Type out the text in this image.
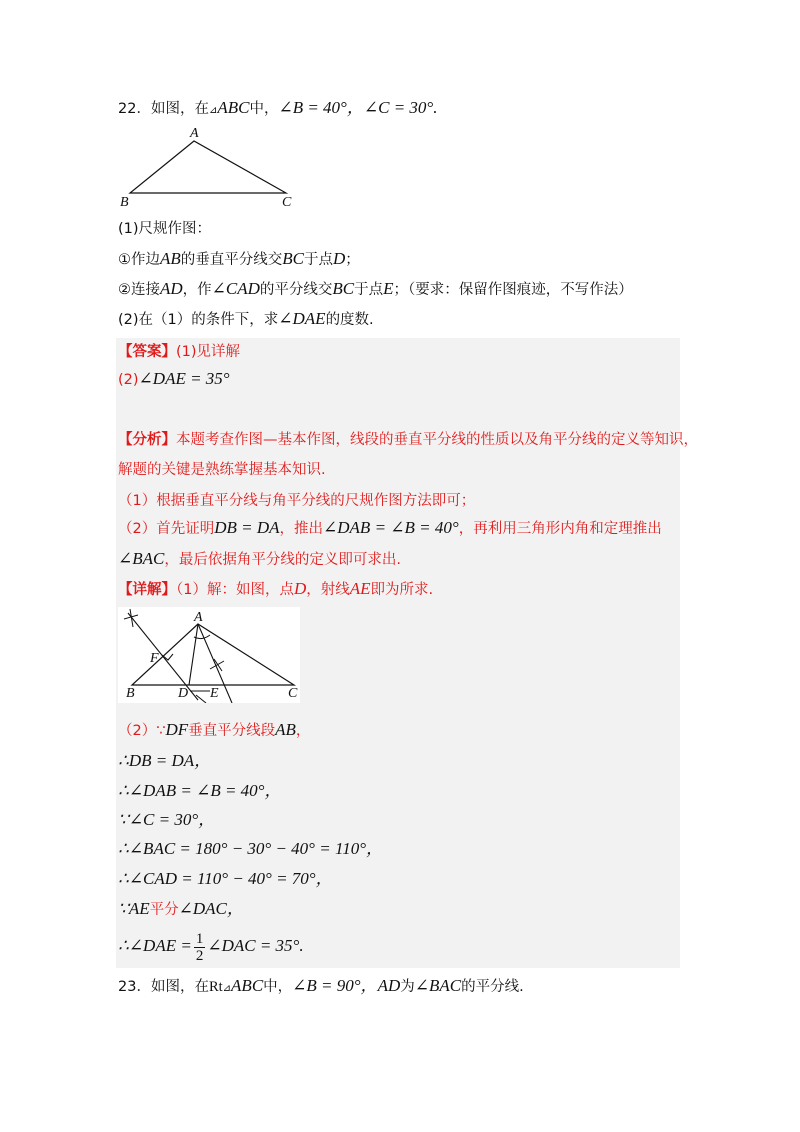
22．如图，在⊿ABC中，∠B = 40°，∠C = 30°.
A
B	C
(1)尺规作图：
①作边AB的垂直平分线交BC于点D；
②连接AD，作∠CAD的平分线交BC于点E；（要求：保留作图痕迹，不写作法）
(2)在（1）的条件下，求∠DAE的度数.
【答案】(1)见详解
(2)∠DAE = 35°
【分析】本题考查作图—基本作图，线段的垂直平分线的性质以及角平分线的定义等知识，
解题的关键是熟练掌握基本知识.
（1）根据垂直平分线与角平分线的尺规作图方法即可；
（2）首先证明DB = DA，推出∠DAB = ∠B = 40°，再利用三角形内角和定理推出
∠BAC，最后依据角平分线的定义即可求出.
【详解】（1）解：如图，点D，射线AE即为所求.
A
B	C
D E
F
（2）∵DF垂直平分线段AB，
∴DB = DA，
∴∠DAB = ∠B = 40°，
∵∠C = 30°，
∴∠BAC = 180° − 30° − 40° = 110°，
∴∠CAD = 110° − 40° = 70°，
∵AE平分∠DAC，
∴∠DAE = $\frac{1}{2}$ ∠DAC = 35°.
23．如图，在Rt⊿ABC中，∠B = 90°，AD为∠BAC的平分线.
